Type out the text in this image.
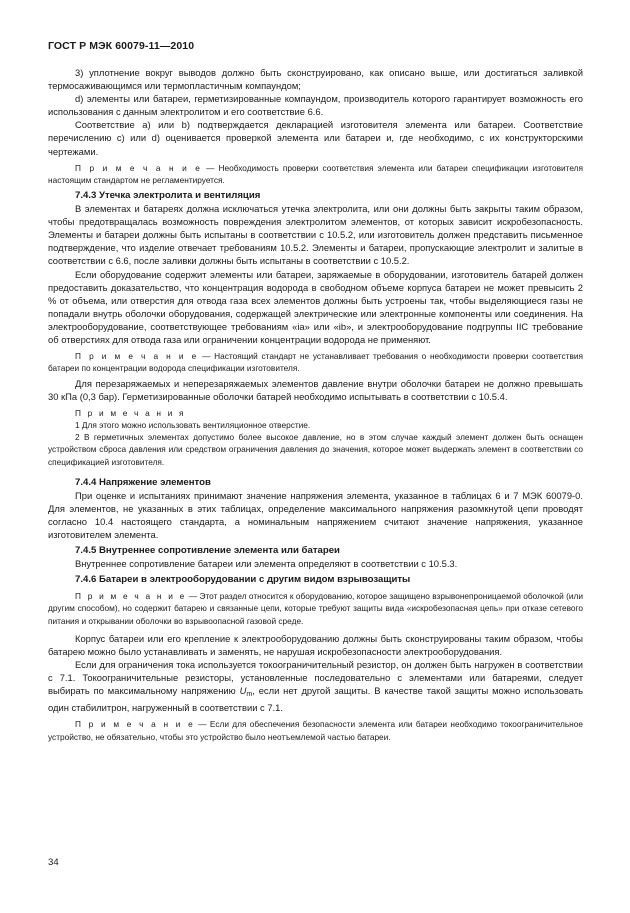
ГОСТ Р МЭК 60079-11—2010

3) уплотнение вокруг выводов должно быть сконструировано, как описано выше, или достигаться заливкой термосаживающимся или термопластичным компаундом;

d) элементы или батареи, герметизированные компаундом, производитель которого гарантирует возможность его использования с данным электролитом и его соответствие 6.6.

Соответствие a) или b) подтверждается декларацией изготовителя элемента или батареи. Соответствие перечислению c) или d) оценивается проверкой элемента или батареи и, где необходимо, с их конструкторскими чертежами.

П р и м е ч а н и е — Необходимость проверки соответствия элемента или батареи спецификации изготовителя настоящим стандартом не регламентируется.

7.4.3 Утечка электролита и вентиляция

В элементах и батареях должна исключаться утечка электролита, или они должны быть закрыты таким образом, чтобы предотвращалась возможность повреждения электролитом элементов, от которых зависит искробезопасность. Элементы и батареи должны быть испытаны в соответствии с 10.5.2, или изготовитель должен представить письменное подтверждение, что изделие отвечает требованиям 10.5.2. Элементы и батареи, пропускающие электролит и залитые в соответствии с 6.6, после заливки должны быть испытаны в соответствии с 10.5.2.

Если оборудование содержит элементы или батареи, заряжаемые в оборудовании, изготовитель батарей должен предоставить доказательство, что концентрация водорода в свободном объеме корпуса батареи не может превысить 2 % от объема, или отверстия для отвода газа всех элементов должны быть устроены так, чтобы выделяющиеся газы не попадали внутрь оболочки оборудования, содержащей электрические или электронные компоненты или соединения. На электрооборудование, соответствующее требованиям «ia» или «ib», и электрооборудование подгруппы IIC требование об отверстиях для отвода газа или ограничении концентрации водорода не применяют.

П р и м е ч а н и е — Настоящий стандарт не устанавливает требования о необходимости проверки соответствия батареи по концентрации водорода спецификации изготовителя.

Для перезаряжаемых и неперезаряжаемых элементов давление внутри оболочки батареи не должно превышать 30 кПа (0,3 бар). Герметизированные оболочки батарей необходимо испытывать в соответствии с 10.5.4.

П р и м е ч а н и я

1 Для этого можно использовать вентиляционное отверстие.

2 В герметичных элементах допустимо более высокое давление, но в этом случае каждый элемент должен быть оснащен устройством сброса давления или средством ограничения давления до значения, которое может выдержать элемент в соответствии со спецификацией изготовителя.

7.4.4 Напряжение элементов

При оценке и испытаниях принимают значение напряжения элемента, указанное в таблицах 6 и 7 МЭК 60079-0. Для элементов, не указанных в этих таблицах, определение максимального напряжения разомкнутой цепи проводят согласно 10.4 настоящего стандарта, а номинальным напряжением считают значение напряжения, указанное изготовителем элемента.

7.4.5 Внутреннее сопротивление элемента или батареи

Внутреннее сопротивление батареи или элемента определяют в соответствии с 10.5.3.

7.4.6 Батареи в электрооборудовании с другим видом взрывозащиты

П р и м е ч а н и е — Этот раздел относится к оборудованию, которое защищено взрывонепроницаемой оболочкой (или другим способом), но содержит батарею и связанные цепи, которые требуют защиты вида «искробезопасная цепь» при отказе сетевого питания и открывании оболочки во взрывоопасной газовой среде.

Корпус батареи или его крепление к электрооборудованию должны быть сконструированы таким образом, чтобы батарею можно было устанавливать и заменять, не нарушая искробезопасности электрооборудования.

Если для ограничения тока используется токоограничительный резистор, он должен быть нагружен в соответствии с 7.1. Токоограничительные резисторы, установленные последовательно с элементами или батареями, следует выбирать по максимальному напряжению $U_m$, если нет другой защиты. В качестве такой защиты можно использовать один стабилитрон, нагруженный в соответствии с 7.1.

П р и м е ч а н и е — Если для обеспечения безопасности элемента или батареи необходимо токоограничительное устройство, не обязательно, чтобы это устройство было неотъемлемой частью батареи.

34
